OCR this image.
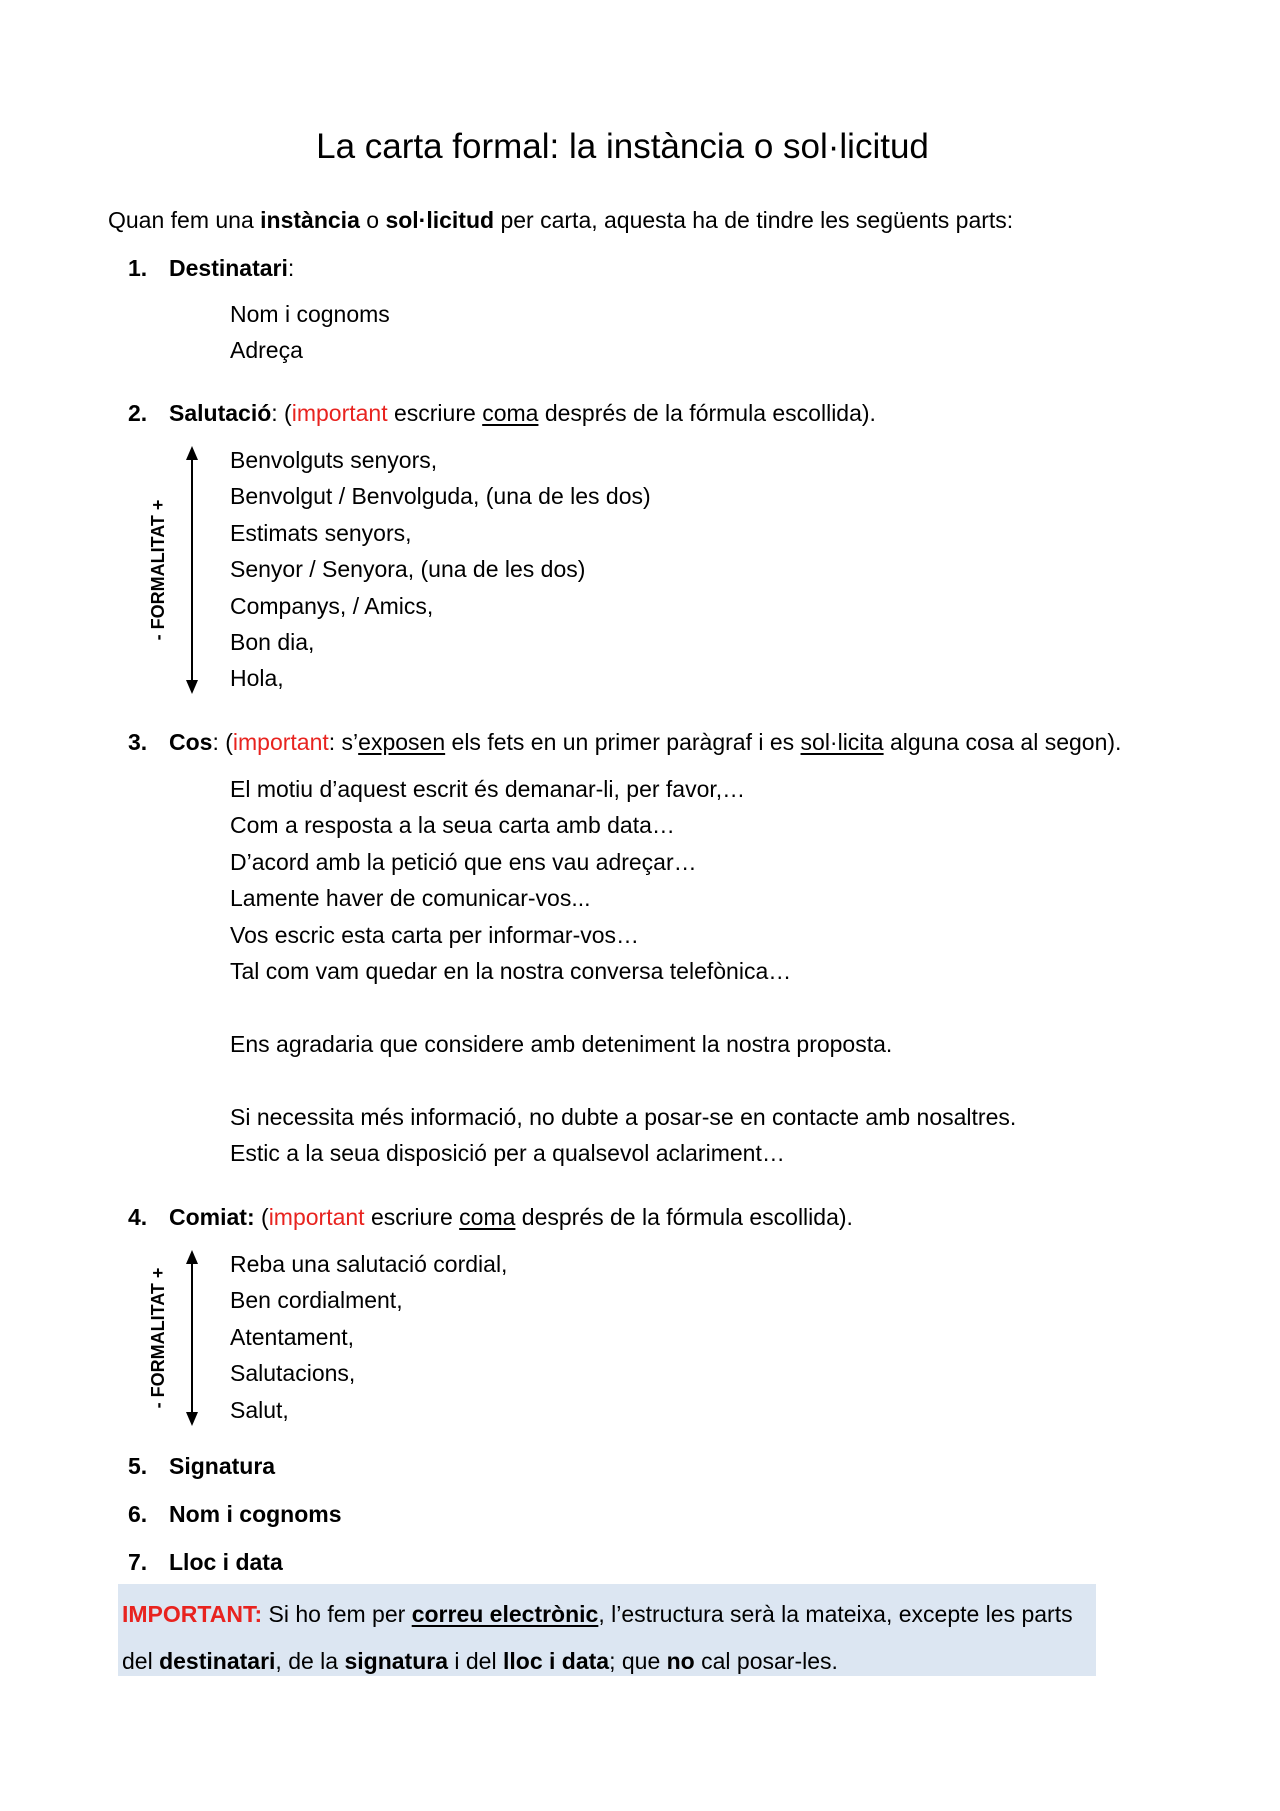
La carta formal: la instància o sol·licitud
Quan fem una instància o sol·licitud per carta, aquesta ha de tindre les següents parts:
1. Destinatari:
Nom i cognoms
Adreça
2. Salutació: (important escriure coma després de la fórmula escollida).
- FORMALITAT +
Benvolguts senyors,
Benvolgut / Benvolguda, (una de les dos)
Estimats senyors,
Senyor / Senyora, (una de les dos)
Companys, / Amics,
Bon dia,
Hola,
3. Cos: (important: s’exposen els fets en un primer paràgraf i es sol·licita alguna cosa al segon).
El motiu d’aquest escrit és demanar-li, per favor,…
Com a resposta a la seua carta amb data…
D’acord amb la petició que ens vau adreçar…
Lamente haver de comunicar-vos...
Vos escric esta carta per informar-vos…
Tal com vam quedar en la nostra conversa telefònica…
Ens agradaria que considere amb deteniment la nostra proposta.
Si necessita més informació, no dubte a posar-se en contacte amb nosaltres.
Estic a la seua disposició per a qualsevol aclariment…
4. Comiat: (important escriure coma després de la fórmula escollida).
- FORMALITAT +
Reba una salutació cordial,
Ben cordialment,
Atentament,
Salutacions,
Salut,
5. Signatura
6. Nom i cognoms
7. Lloc i data
IMPORTANT: Si ho fem per correu electrònic, l’estructura serà la mateixa, excepte les parts
del destinatari, de la signatura i del lloc i data; que no cal posar-les.
